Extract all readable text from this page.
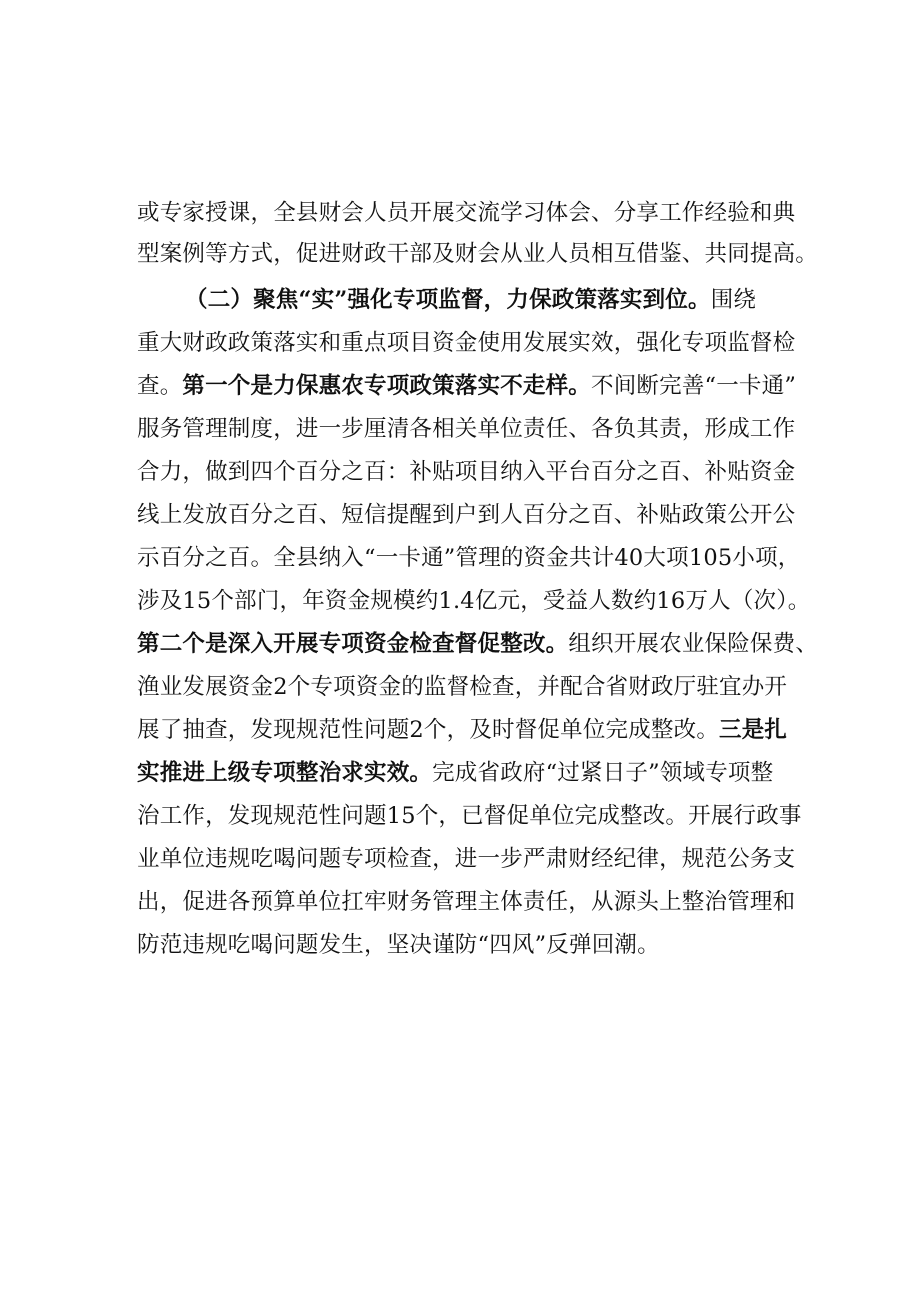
或专家授课，全县财会人员开展交流学习体会、分享工作经验和典
型案例等方式，促进财政干部及财会从业人员相互借鉴、共同提高。
（二）聚焦“实”强化专项监督，力保政策落实到位。围绕
重大财政政策落实和重点项目资金使用发展实效，强化专项监督检
查。第一个是力保惠农专项政策落实不走样。不间断完善“一卡通”
服务管理制度，进一步厘清各相关单位责任、各负其责，形成工作
合力，做到四个百分之百：补贴项目纳入平台百分之百、补贴资金
线上发放百分之百、短信提醒到户到人百分之百、补贴政策公开公
示百分之百。全县纳入“一卡通”管理的资金共计40大项105小项，
涉及15个部门，年资金规模约1.4亿元，受益人数约16万人（次）。
第二个是深入开展专项资金检查督促整改。组织开展农业保险保费、
渔业发展资金2个专项资金的监督检查，并配合省财政厅驻宜办开
展了抽查，发现规范性问题2个，及时督促单位完成整改。三是扎
实推进上级专项整治求实效。完成省政府“过紧日子”领域专项整
治工作，发现规范性问题15个，已督促单位完成整改。开展行政事
业单位违规吃喝问题专项检查，进一步严肃财经纪律，规范公务支
出，促进各预算单位扛牢财务管理主体责任，从源头上整治管理和
防范违规吃喝问题发生，坚决谨防“四风”反弹回潮。
